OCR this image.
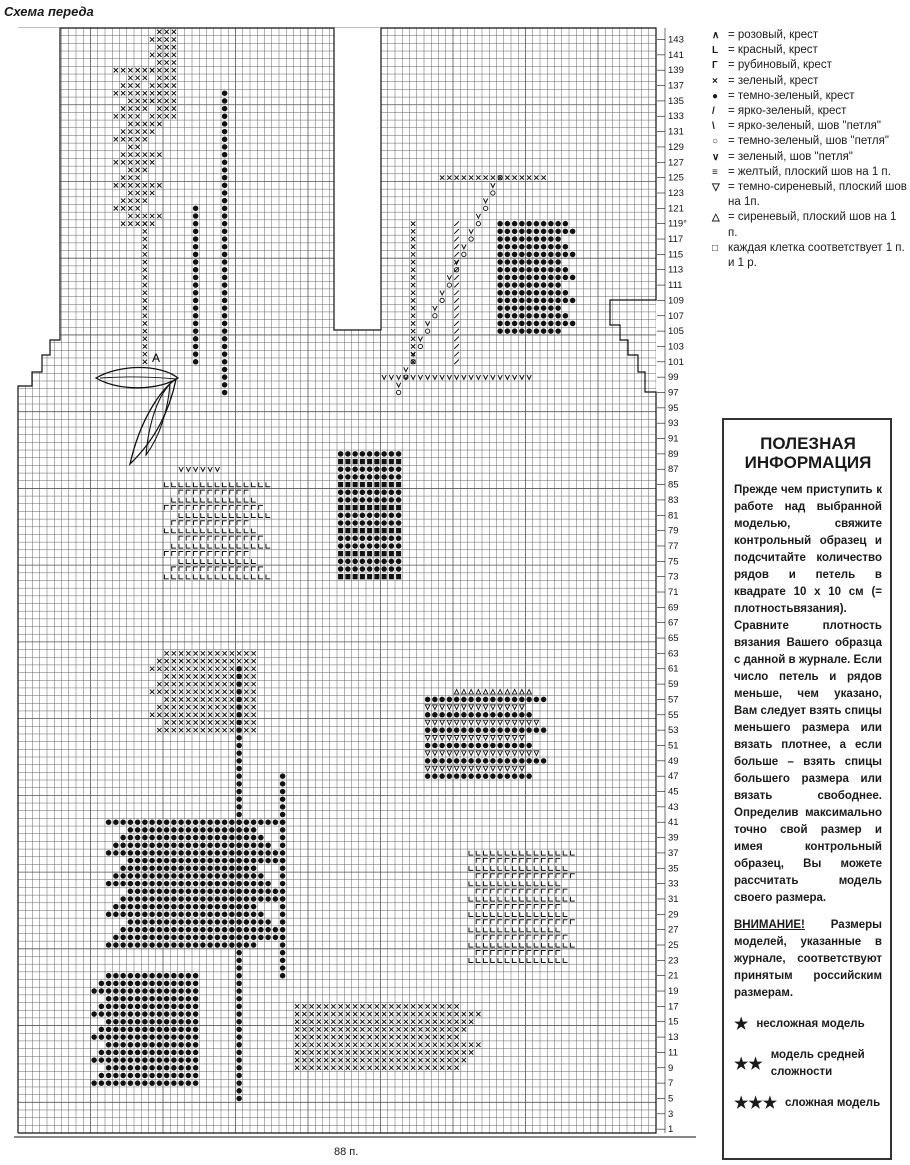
Схема переда
A
143
141
139
137
135
133
131
129
127
125
123
121
119°
117
115
113
111
109
107
105
103
101
99
97
95
93
91
89
87
85
83
81
79
77
75
73
71
69
67
65
63
61
59
57
55
53
51
49
47
45
43
41
39
37
35
33
31
29
27
25
23
21
19
17
15
13
11
9
7
5
3
1
88 п.
∧ = розовый, крест
L = красный, крест
Г = рубиновый, крест
× = зеленый, крест
● = темно-зеленый, крест
/	= ярко-зеленый, крест
\	= ярко-зеленый, шов "петля"
○ = темно-зеленый, шов "петля"
∨ = зеленый, шов "петля"
≡ = желтый, плоский шов на 1 п.
▽ = темно-сиреневый, плоский шов на 1п.
△ = сиреневый, плоский шов на 1 п.
□ каждая клетка соответствует 1 п. и 1 р.
ПОЛЕЗНАЯ ИНФОРМАЦИЯ
Прежде чем приступить к работе над выбранной моделью, свяжите контрольный образец и подсчитайте количество рядов и петель в квадрате 10 х 10 см (= плотностьвязания). Сравните плотность вязания Вашего образца с данной в журнале. Если число петель и рядов меньше, чем указано, Вам следует взять спицы меньшего размера или вязать плотнее, а если больше – взять спицы большего размера или вязать свободнее. Определив максимально точно свой размер и имея контрольный образец, Вы можете рассчитать модель своего размера.
ВНИМАНИЕ! Размеры моделей, указанные в журнале, соответствуют принятым российским размерам.
★ несложная модель
★★
модель средней сложности
★★★ сложная модель
